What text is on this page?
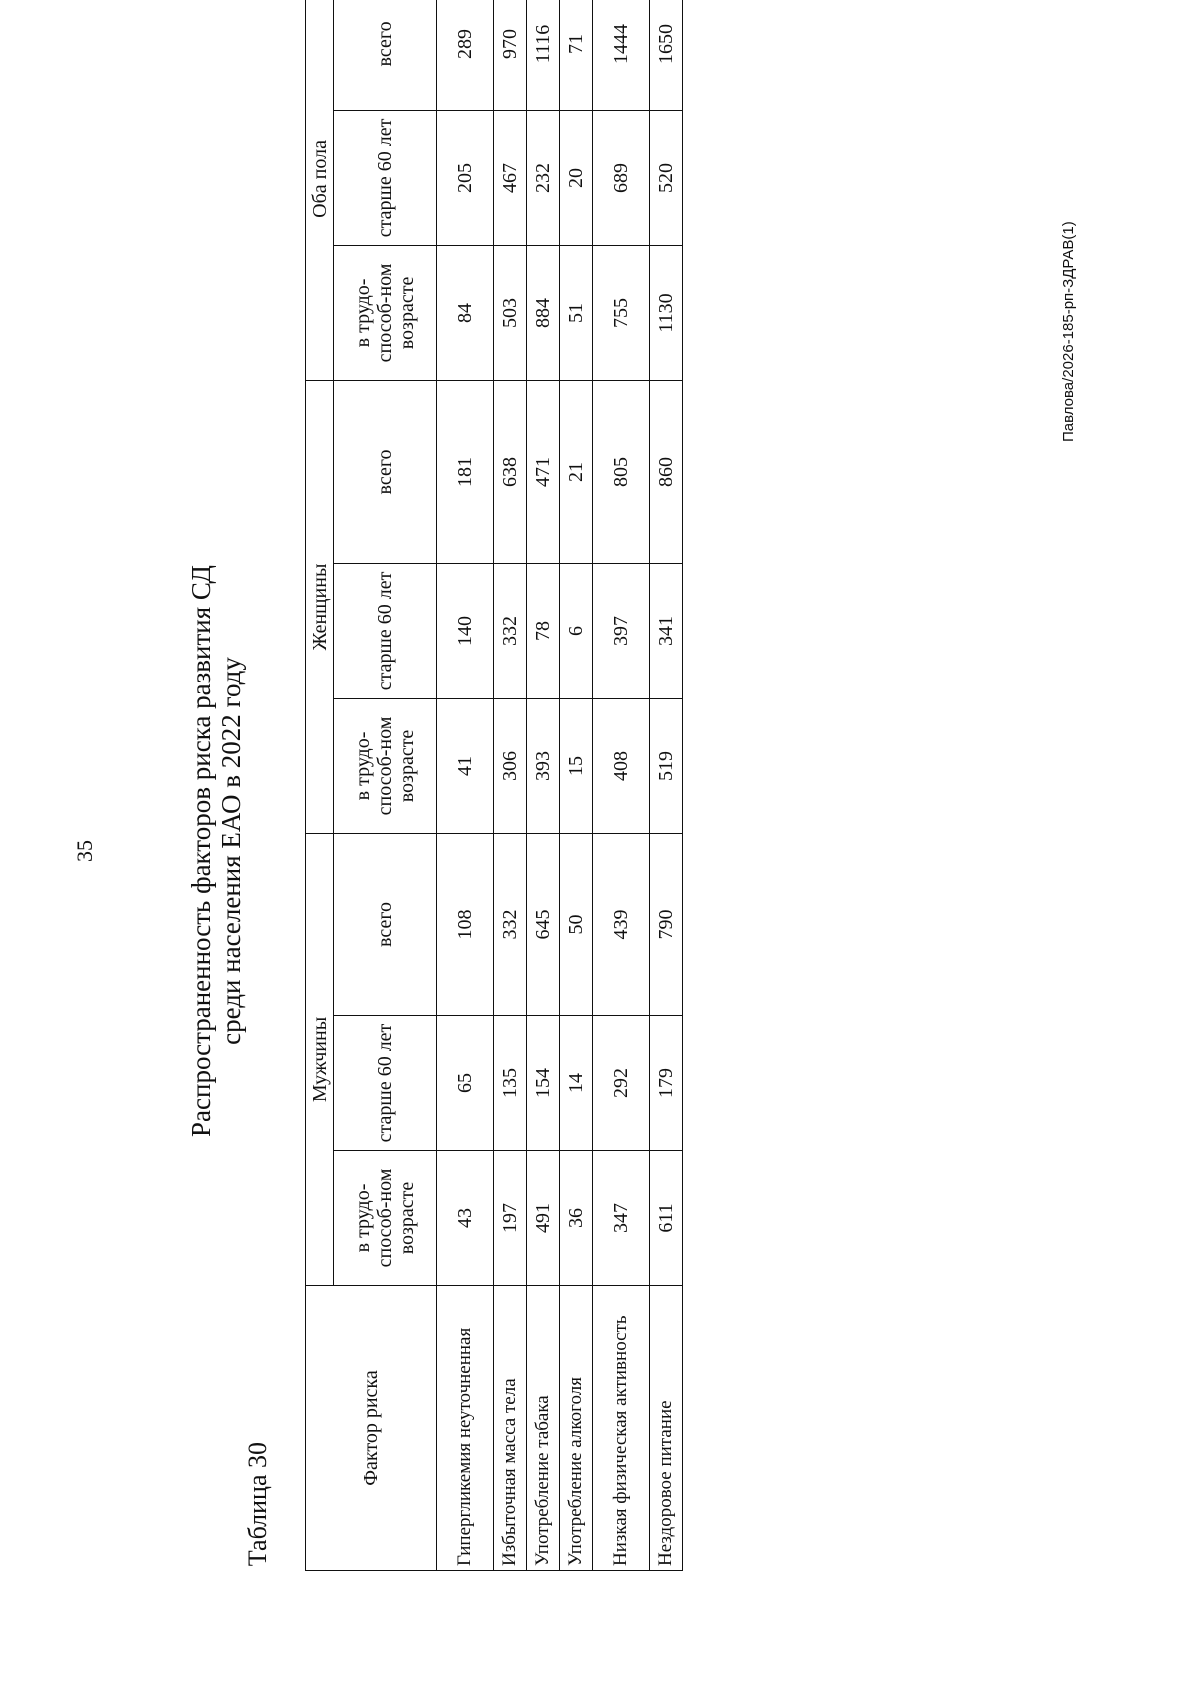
35	Распространенность факторов риска развития СД среди населения ЕАО в 2022 году
Таблица 30
Фактор риска	Мужчины			Женщины			Оба пола		
	в трудо-способ-ном возрасте	старше 60 лет	всего	в трудо-способ-ном возрасте	старше 60 лет	всего	в трудо-способ-ном возрасте	старше 60 лет	всего
Гипергликемия неуточненная	43	65	108	41	140	181	84	205	289
Избыточная масса тела	197	135	332	306	332	638	503	467	970
Употребление табака	491	154	645	393	78	471	884	232	1116
Употребление алкоголя	36	14	50	15	6	21	51	20	71
Низкая физическая активность	347	292	439	408	397	805	755	689	1444
Нездоровое питание	611	179	790	519	341	860	1130	520	1650
Павлова/2026-185-рп-ЗДРАВ(1)
